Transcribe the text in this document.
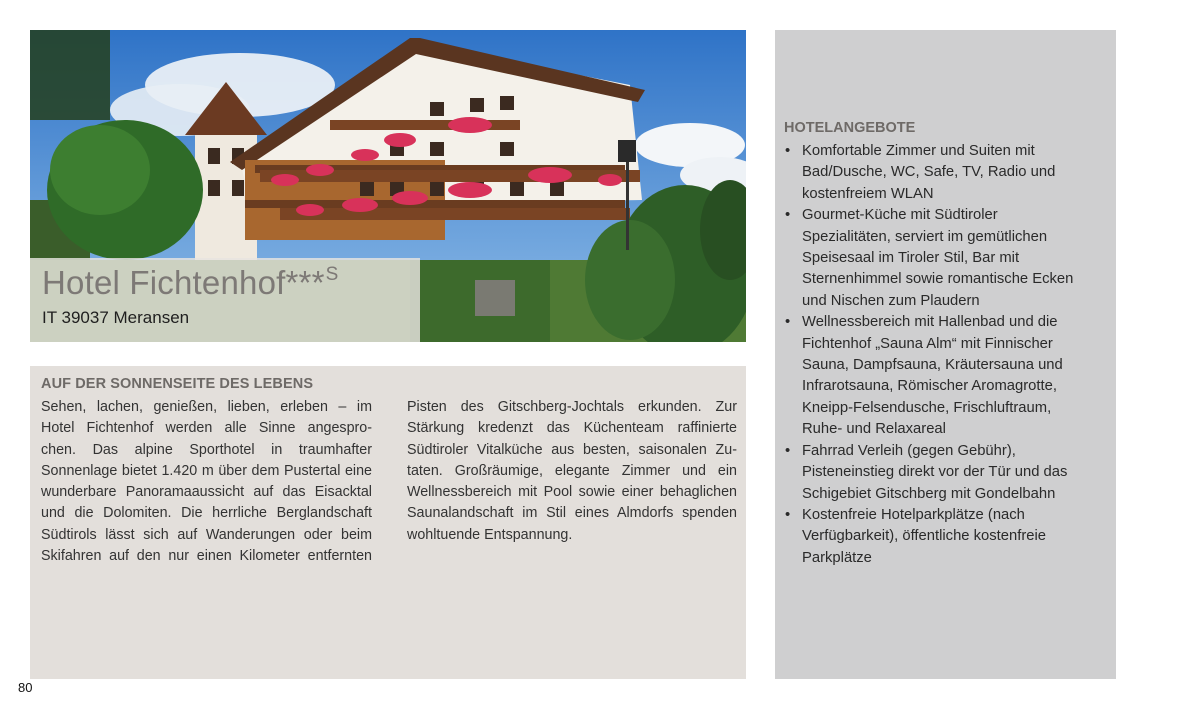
Hotel Fichtenhof***$^S$

IT 39037 Meransen

AUF DER SONNENSEITE DES LEBENS

Sehen, lachen, genießen, lieben, erleben – im
Hotel Fichtenhof werden alle Sinne angespro-
chen. Das alpine Sporthotel in traumhafter
Sonnenlage bietet 1.420 m über dem Pustertal eine
wunderbare Panoramaaussicht auf das Eisacktal
und die Dolomiten. Die herrliche Berglandschaft
Südtirols lässt sich auf Wanderungen oder beim
Skifahren auf den nur einen Kilometer entfernten

Pisten des Gitschberg-Jochtals erkunden. Zur
Stärkung kredenzt das Küchenteam raffinierte
Südtiroler Vitalküche aus besten, saisonalen Zu-
taten. Großräumige, elegante Zimmer und ein
Wellnessbereich mit Pool sowie einer behaglichen
Saunalandschaft im Stil eines Almdorfs spenden
wohltuende Entspannung.

HOTELANGEBOTE
• Komfortable Zimmer und Suiten mit
Bad/Dusche, WC, Safe, TV, Radio und
kostenfreiem WLAN
• Gourmet-Küche mit Südtiroler
Spezialitäten, serviert im gemütlichen
Speisesaal im Tiroler Stil, Bar mit
Sternenhimmel sowie romantische Ecken
und Nischen zum Plaudern
• Wellnessbereich mit Hallenbad und die
Fichtenhof „Sauna Alm“ mit Finnischer
Sauna, Dampfsauna, Kräutersauna und
Infrarotsauna, Römischer Aromagrotte,
Kneipp-Felsendusche, Frischluftraum,
Ruhe- und Relaxareal
• Fahrrad Verleih (gegen Gebühr),
Pisteneinstieg direkt vor der Tür und das
Schigebiet Gitschberg mit Gondelbahn
• Kostenfreie Hotelparkplätze (nach
Verfügbarkeit), öffentliche kostenfreie
Parkplätze

80
